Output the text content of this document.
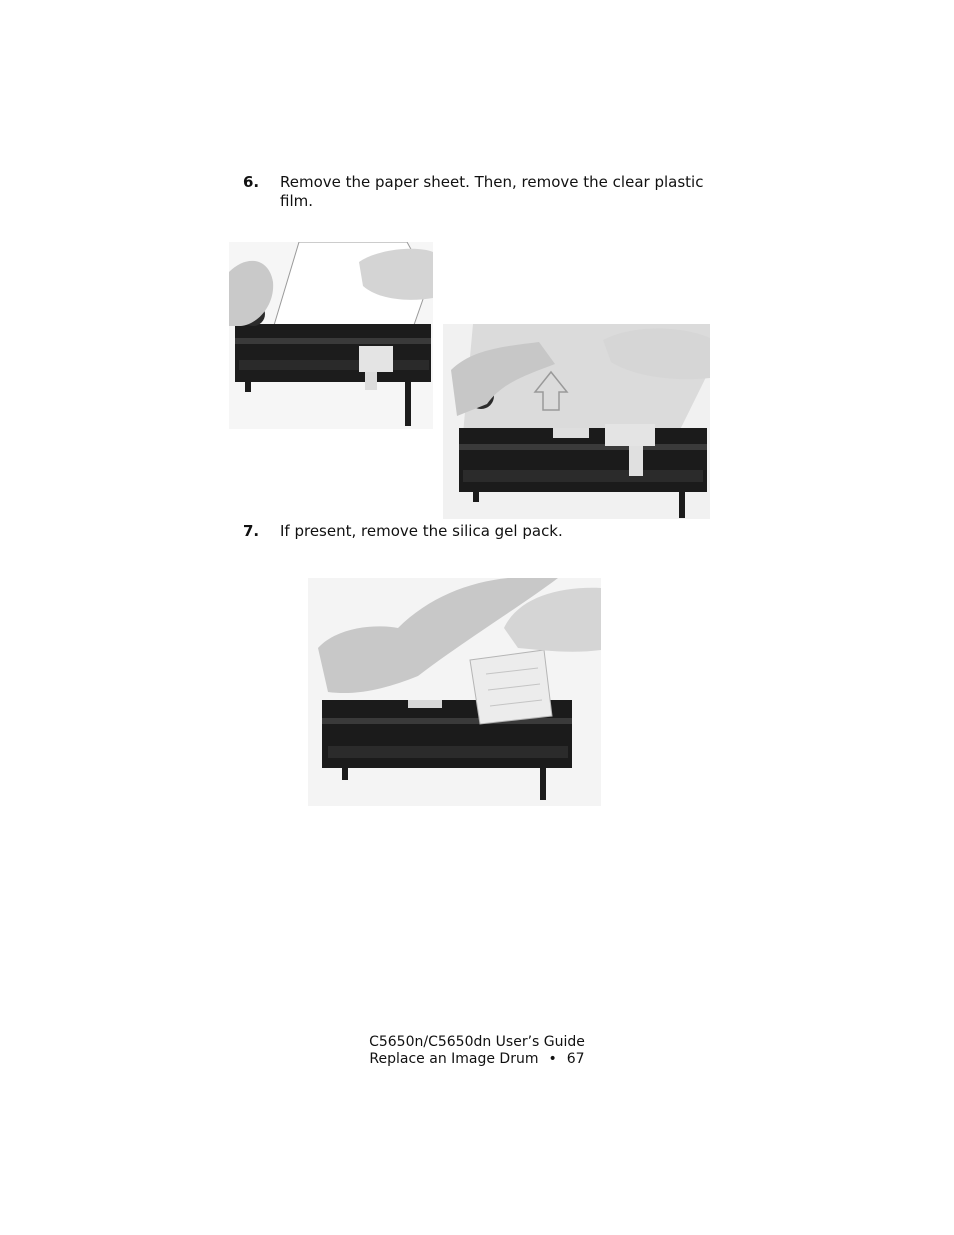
6. Remove the paper sheet. Then, remove the clear plastic film.
7. If present, remove the silica gel pack.
C5650n/C5650dn User’s Guide
Replace an Image Drum • 67
